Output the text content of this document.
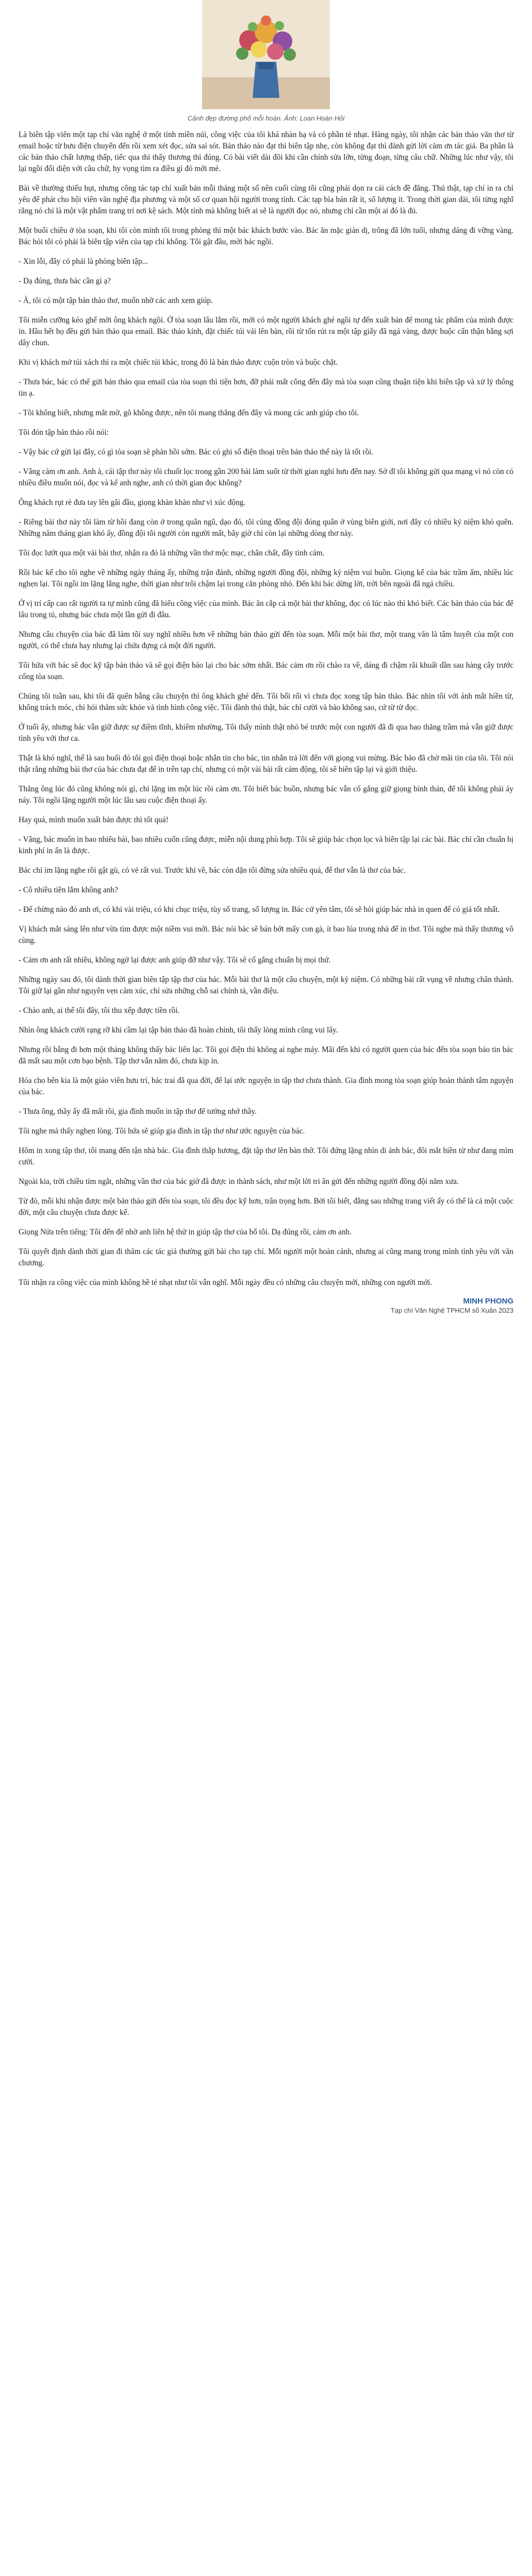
Cảnh đẹp đường phố mỗi hoàn. Ảnh: Loan Hoàn Hỏi

Là biên tập viên một tạp chí văn nghệ ở một tỉnh miền núi, công việc của tôi khá nhàn hạ và có phần tẻ nhạt. Hàng ngày, tôi nhận các bản thảo văn thơ từ email hoặc từ bưu điện chuyển đến rồi xem xét đọc, sửa sai sót. Bản thảo nào đạt thì biên tập nhẹ, còn không đạt thì đành gửi lời cảm ơn tác giả. Ba phần là các bản thảo chất lượng thấp, tiếc qua thì thấy thương thì đúng. Có bài viết dài đôi khi cần chỉnh sửa lớn, từng đoạn, từng câu chữ. Những lúc như vậy, tôi lại ngồi đối diện với câu chữ, hy vọng tìm ra điều gì đó mới mẻ.

Bài về thường thiếu hụt, nhưng công tác tạp chí xuất bản mỗi tháng một số nên cuối cùng tôi cũng phải dọn ra cái cách đề đăng. Thú thật, tạp chí in ra chỉ yêu để phát cho hội viên văn nghệ địa phương và một số cơ quan hội người trong tỉnh. Các tạp bìa bán rất ít, số lượng ít. Trong thời gian dài, tôi từng nghĩ rằng nó chỉ là một vật phẩm trang trí nơi kệ sách. Một tính mà không biết ai sẽ là người đọc nó, nhưng chỉ cần một ai đó là đủ.

Một buổi chiều ở tòa soạn, khi tôi còn mình tôi trong phòng thì một bác khách bước vào. Bác ăn mặc giản dị, trông đã lớn tuổi, nhưng dáng đi vững vàng. Bác hỏi tôi có phải là biên tập viên của tạp chí không. Tôi gật đầu, mời bác ngồi.

- Xin lỗi, đây có phải là phòng biên tập...

- Dạ đúng, thưa bác cần gì ạ?

- À, tôi có một tập bản thảo thơ, muốn nhờ các anh xem giúp.

Tôi miễn cưỡng kéo ghế mời ông khách ngồi. Ở tòa soạn lâu lắm rồi, mới có một người khách ghé ngồi tự đến xuất bản để mong tác phẩm của mình được in. Hầu hết họ đều gửi bản thảo qua email. Bác tháo kính, đặt chiếc túi vải lên bàn, rồi từ tốn rút ra một tập giấy đã ngả vàng, được buộc cẩn thận bằng sợi dây chun.

Khi vị khách mở túi xách thì ra một chiếc túi khác, trong đó là bản thảo được cuộn tròn và buộc chặt.

- Thưa bác, bác có thể gửi bản thảo qua email của tòa soạn thì tiện hơn, đỡ phải mất công đến đây mà tòa soạn cũng thuận tiện khi biên tập và xử lý thông tin ạ.

- Tôi không biết, nhưng mắt mờ, gõ không được, nên tôi mang thẳng đến đây và mong các anh giúp cho tôi.

Tôi đón tập bản thảo rồi nói:

- Vậy bác cứ gửi lại đây, có gì tòa soạn sẽ phản hồi sớm. Bác có ghi số điện thoại trên bản thảo thế này là tốt rồi.

- Vâng cảm ơn anh. Anh à, cái tập thơ này tôi chuốt lọc trong gần 200 bài làm suốt từ thời gian nghỉ hưu đến nay. Sở dĩ tôi không gửi qua mạng vì nó còn có nhiều điều muốn nói, đọc và kể anh nghe, anh có thời gian đọc không?

Ông khách rụt rè đưa tay lên gãi đầu, giọng khàn khàn như vì xúc động.

- Riêng bài thơ này tôi làm từ hồi đang còn ở trong quân ngũ, dạo đó, tôi cùng đồng đội đóng quân ở vùng biên giới, nơi đây có nhiều kỷ niệm khó quên. Những năm tháng gian khó ấy, đồng đội tôi người còn người mất, bây giờ chỉ còn lại những dòng thơ này.

Tôi đọc lướt qua một vài bài thơ, nhận ra đó là những vần thơ mộc mạc, chân chất, đầy tình cảm.

Rồi bác kể cho tôi nghe về những ngày tháng ấy, những trận đánh, những người đồng đội, những kỷ niệm vui buồn. Giọng kể của bác trầm ấm, nhiều lúc nghẹn lại. Tôi ngồi im lặng lắng nghe, thời gian như trôi chậm lại trong căn phòng nhỏ. Đến khi bác dừng lời, trời bên ngoài đã ngả chiều.

Ở vị trí cấp cao rất người ta tự mình cũng đã hiểu công việc của mình. Bác ăn cắp cả một bài thơ không, đọc có lúc nào thì khó biết. Các bản thảo của bác để lâu trong tủ, nhưng bác chưa một lần gửi đi đâu.

Nhưng câu chuyện của bác đã làm tôi suy nghĩ nhiều hơn về những bản thảo gửi đến tòa soạn. Mỗi một bài thơ, một trang văn là tâm huyết của một con người, có thể chưa hay nhưng lại chứa đựng cả một đời người.

Tôi hứa với bác sẽ đọc kỹ tập bản thảo và sẽ gọi điện báo lại cho bác sớm nhất. Bác cảm ơn rồi chào ra về, dáng đi chậm rãi khuất dần sau hàng cây trước cổng tòa soạn.

Chúng tôi tuần sau, khi tôi đã quên bẵng câu chuyện thì ông khách ghé đến. Tôi bối rối vì chưa đọc xong tập bản thảo. Bác nhìn tôi với ánh mắt hiền từ, không trách móc, chỉ hỏi thăm sức khỏe và tình hình công việc. Tôi đành thú thật, bác chỉ cười và bảo không sao, cứ từ từ đọc.

Ở tuổi ấy, nhưng bác vẫn giữ được sự điềm tĩnh, khiêm nhường. Tôi thấy mình thật nhỏ bé trước một con người đã đi qua bao thăng trầm mà vẫn giữ được tình yêu với thơ ca.

Thật là khó nghĩ, thế là sau buổi đó tôi gọi điện thoại hoặc nhắn tin cho bác, tin nhắn trả lời đến với giọng vui mừng. Bác bảo đã chờ mãi tin của tôi. Tôi nói thật rằng những bài thơ của bác chưa đạt để in trên tạp chí, nhưng có một vài bài rất cảm động, tôi sẽ biên tập lại và giới thiệu.

Thẳng ông lúc đó cũng không nói gì, chỉ lặng im một lúc rồi cảm ơn. Tôi biết bác buồn, nhưng bác vẫn cố gắng giữ giọng bình thản, để tôi không phải áy náy. Tôi ngồi lặng người một lúc lâu sau cuộc điện thoại ấy.

Hay quá, mình muốn xuất bản được thì tốt quá!

- Vâng, bác muốn in bao nhiêu bài, bao nhiêu cuốn cũng được, miễn nội dung phù hợp. Tôi sẽ giúp bác chọn lọc và biên tập lại các bài. Bác chỉ cần chuẩn bị kinh phí in ấn là được.

Bác chỉ im lặng nghe rồi gật gù, có vẻ rất vui. Trước khi về, bác còn dặn tôi đừng sửa nhiều quá, để thơ vẫn là thơ của bác.

- Cô nhiều tiền lắm không anh?

- Để chừng nào đó anh ơi, có khi vài triệu, có khi chục triệu, tùy số trang, số lượng in. Bác cứ yên tâm, tôi sẽ hỏi giúp bác nhà in quen để có giá tốt nhất.

Vị khách mắt sáng lên như vừa tìm được một niềm vui mới. Bác nói bác sẽ bán bớt mấy con gà, ít bao lúa trong nhà để in thơ. Tôi nghe mà thấy thương vô cùng.

- Cảm ơn anh rất nhiều, không ngờ lại được anh giúp đỡ như vậy. Tôi sẽ cố gắng chuẩn bị mọi thứ.

Những ngày sau đó, tôi dành thời gian biên tập tập thơ của bác. Mỗi bài thơ là một câu chuyện, một kỷ niệm. Có những bài rất vụng về nhưng chân thành. Tôi giữ lại gần như nguyên vẹn cảm xúc, chỉ sửa những chỗ sai chính tả, vần điệu.

- Chào anh, ai thế tôi đây, tôi thu xếp được tiền rồi.

Nhìn ông khách cười rạng rỡ khi cầm lại tập bản thảo đã hoàn chỉnh, tôi thấy lòng mình cũng vui lây.

Nhưng rồi bẵng đi hơn một tháng không thấy bác liên lạc. Tôi gọi điện thì không ai nghe máy. Mãi đến khi có người quen của bác đến tòa soạn báo tin bác đã mất sau một cơn bạo bệnh. Tập thơ vẫn nằm đó, chưa kịp in.

Hóa cho bên kia là một giáo viên hưu trí, bác trai đã qua đời, để lại ước nguyện in tập thơ chưa thành. Gia đình mong tòa soạn giúp hoàn thành tâm nguyện của bác.

- Thưa ông, thầy ấy đã mất rồi, gia đình muốn in tập thơ để tưởng nhớ thầy.

Tôi nghe mà thấy nghẹn lòng. Tôi hứa sẽ giúp gia đình in tập thơ như ước nguyện của bác.

Hôm in xong tập thơ, tôi mang đến tận nhà bác. Gia đình thắp hương, đặt tập thơ lên bàn thờ. Tôi đứng lặng nhìn di ảnh bác, đôi mắt hiền từ như đang mỉm cười.

Ngoài kia, trời chiều tím ngắt, những vần thơ của bác giờ đã được in thành sách, như một lời tri ân gửi đến những người đồng đội năm xưa.

Từ đó, mỗi khi nhận được một bản thảo gửi đến tòa soạn, tôi đều đọc kỹ hơn, trân trọng hơn. Bởi tôi biết, đằng sau những trang viết ấy có thể là cả một cuộc đời, một câu chuyện chưa được kể.

Giọng Nửa trên tiếng: Tôi đến để nhờ anh liên hệ thử in giúp tập thơ của bố tôi. Dạ đúng rồi, cảm ơn anh.

Tôi quyết định dành thời gian đi thăm các tác giả thường gửi bài cho tạp chí. Mỗi người một hoàn cảnh, nhưng ai cũng mang trong mình tình yêu với văn chương.

Tôi nhận ra công việc của mình không hề tẻ nhạt như tôi vẫn nghĩ. Mỗi ngày đều có những câu chuyện mới, những con người mới.

MINH PHONG
Tạp chí Văn Nghệ TPHCM số Xuân 2023
